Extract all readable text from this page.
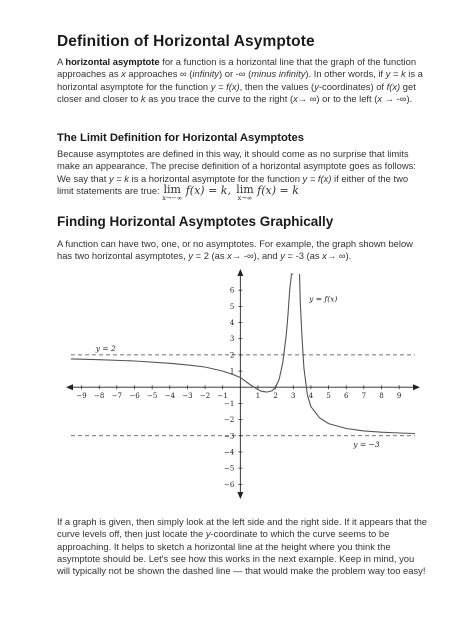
Definition of Horizontal Asymptote

A horizontal asymptote for a function is a horizontal line that the graph of the function approaches as x approaches ∞ (infinity) or -∞ (minus infinity). In other words, if y = k is a horizontal asymptote for the function y = f(x), then the values (y-coordinates) of f(x) get closer and closer to k as you trace the curve to the right (x→ ∞) or to the left (x → -∞).

The Limit Definition for Horizontal Asymptotes

Because asymptotes are defined in this way, it should come as no surprise that limits make an appearance. The precise definition of a horizontal asymptote goes as follows: We say that y = k is a horizontal asymptote for the function y = f(x) if either of the two limit statements are true: lim
x→−∞
f(x) = k, lim
x→∞
f(x) = k

Finding Horizontal Asymptotes Graphically

A function can have two, one, or no asymptotes. For example, the graph shown below has two horizontal asymptotes, y = 2 (as x→ -∞), and y = -3 (as x→ ∞).

y = 2
y = −3
−9 −8 −7 −6 −5 −4 −3 −2 −1	1 2 3 4 5 6 7 8 9
6
5
4
3
2
1
−1
−2
−3
−4
−5
−6
y = f(x)

If a graph is given, then simply look at the left side and the right side. If it appears that the curve levels off, then just locate the y-coordinate to which the curve seems to be approaching. It helps to sketch a horizontal line at the height where you think the asymptote should be. Let's see how this works in the next example. Keep in mind, you will typically not be shown the dashed line — that would make the problem way too easy!
